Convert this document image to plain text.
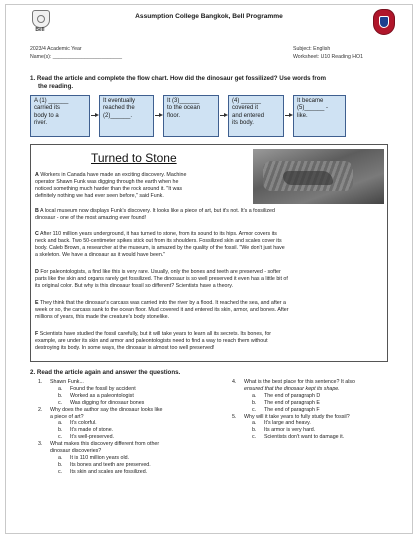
Bell
Assumption College Bangkok, Bell Programme
2023/4 Academic Year
Name(s): ________________________
Subject: English
Worksheet: U10 Reading HO1
1. Read the article and complete the flow chart. How did the dinosaur get fossilized? Use words from
the reading.
A (1) ______
carried its
body to a
river.
It eventually
reached the
(2)______.
It (3)______
to the ocean
floor.
(4) ______
covered it
and entered
its body.
It became
(5)______ -
like.
Turned to Stone
A Workers in Canada have made an exciting discovery. Machine
operator Shawn Funk was digging through the earth when he
noticed something much harder than the rock around it. "It was
definitely nothing we had ever seen before," said Funk.
B A local museum now displays Funk's discovery. It looks like a piece of art, but it's not. It's a fossilized
dinosaur - one of the most amazing ever found!
C After 110 million years underground, it has turned to stone, from its sound to its hips. Armor covers its
neck and back. Two 50-centimeter spikes stick out from its shoulders. Fossilized skin and scales cover its
body. Caleb Brown, a researcher at the museum, is amazed by the quality of the fossil. "We don't just have
a skeleton. We have a dinosaur as it would have been."
D For paleontologists, a find like this is very rare. Usually, only the bones and teeth are preserved - softer
parts like the skin and organs rarely get fossilized. The dinosaur is so well preserved it even has a little bit of
its original color. But why is this dinosaur fossil so different? Scientists have a theory.
E They think that the dinosaur's carcass was carried into the river by a flood. It reached the sea, and after a
week or so, the carcass sank to the ocean floor. Mud covered it and entered its skin, armor, and bones. After
millions of years, this made the creature's body stonelike.
F Scientists have studied the fossil carefully, but it will take years to learn all its secrets. Its bones, for
example, are under its skin and armor and paleontologists need to find a way to reach them without
destroying its body. In some ways, the dinosaur is almost too well preserved!
2. Read the article again and answer the questions.
1. Shawn Funk...
a. Found the fossil by accident
b. Worked as a paleontologist
c. Was digging for dinosaur bones
2. Why does the author say the dinosaur looks like
a piece of art?
a. It's colorful.
b. It's made of stone.
c. It's well-preserved.
3. What makes this discovery different from other
dinosaur discoveries?
a. It is 110 million years old.
b. Its bones and teeth are preserved.
c. Its skin and scales are fossilized.
4. What is the best place for this sentence? It also
ensured that the dinosaur kept its shape.
a. The end of paragraph D
b. The end of paragraph E
c. The end of paragraph F
5. Why will it take years to fully study the fossil?
a. It's large and heavy.
b. Its armor is very hard.
c. Scientists don't want to damage it.
